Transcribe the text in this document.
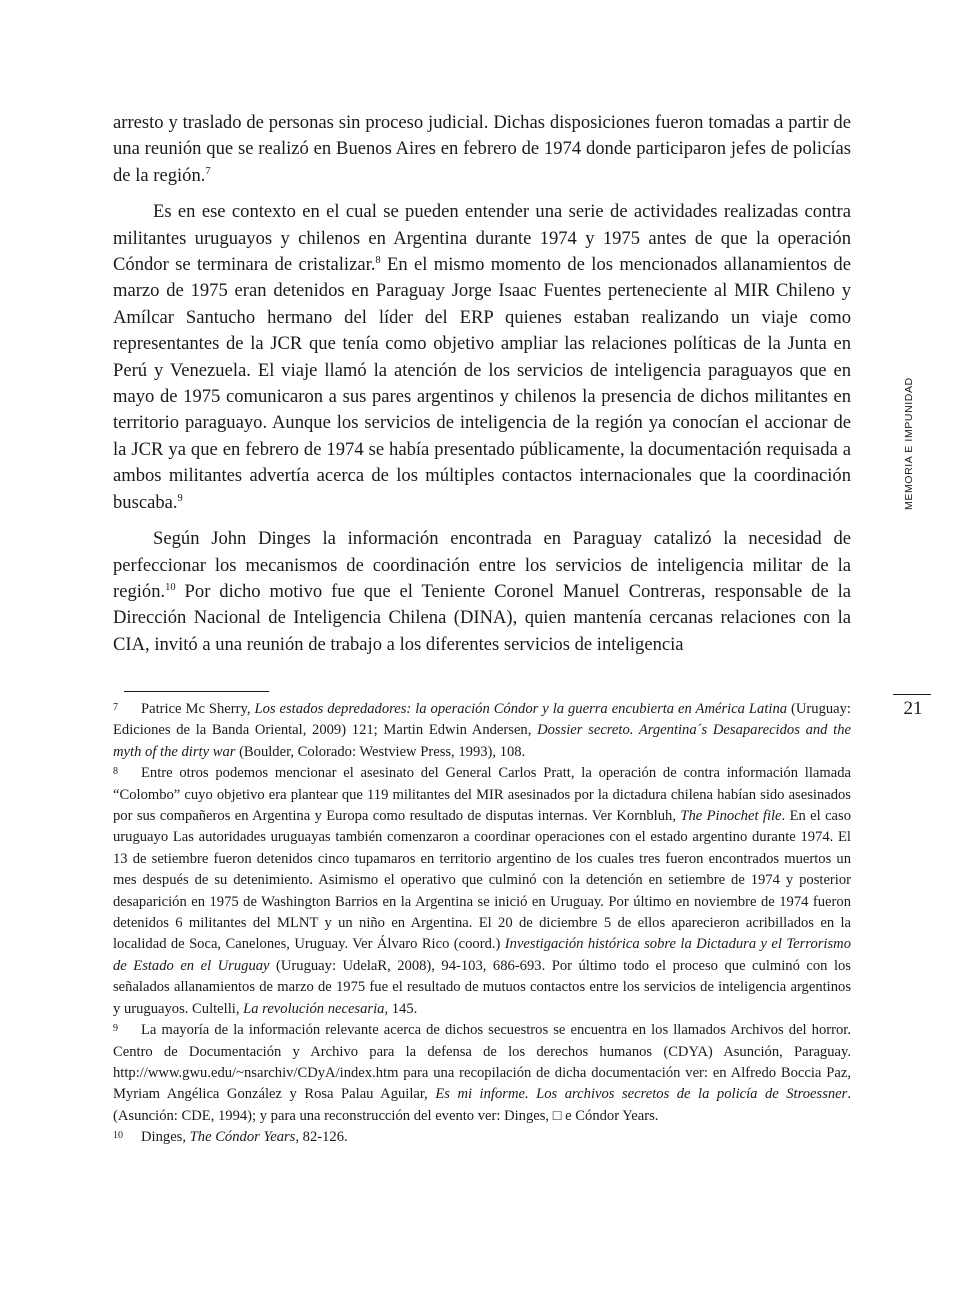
arresto y traslado de personas sin proceso judicial. Dichas disposiciones fueron tomadas a partir de una reunión que se realizó en Buenos Aires en febrero de 1974 donde participaron jefes de policías de la región.$^7$

Es en ese contexto en el cual se pueden entender una serie de actividades realizadas contra militantes uruguayos y chilenos en Argentina durante 1974 y 1975 antes de que la operación Cóndor se terminara de cristalizar.$^8$ En el mismo momento de los mencionados allanamientos de marzo de 1975 eran detenidos en Paraguay Jorge Isaac Fuentes perteneciente al MIR Chileno y Amílcar Santucho hermano del líder del ERP quienes estaban realizando un viaje como representantes de la JCR que tenía como objetivo ampliar las relaciones políticas de la Junta en Perú y Venezuela. El viaje llamó la atención de los servicios de inteligencia paraguayos que en mayo de 1975 comunicaron a sus pares argentinos y chilenos la presencia de dichos militantes en territorio paraguayo. Aunque los servicios de inteligencia de la región ya conocían el accionar de la JCR ya que en febrero de 1974 se había presentado públicamente, la documentación requisada a ambos militantes advertía acerca de los múltiples contactos internacionales que la coordinación buscaba.$^9$

Según John Dinges la información encontrada en Paraguay catalizó la necesidad de perfeccionar los mecanismos de coordinación entre los servicios de inteligencia militar de la región.$^{10}$ Por dicho motivo fue que el Teniente Coronel Manuel Contreras, responsable de la Dirección Nacional de Inteligencia Chilena (DINA), quien mantenía cercanas relaciones con la CIA, invitó a una reunión de trabajo a los diferentes servicios de inteligencia

7 Patrice Mc Sherry, Los estados depredadores: la operación Cóndor y la guerra encubierta en América Latina (Uruguay: Ediciones de la Banda Oriental, 2009) 121; Martin Edwin Andersen, Dossier secreto. Argentina´s Desaparecidos and the myth of the dirty war (Boulder, Colorado: Westview Press, 1993), 108.

8 Entre otros podemos mencionar el asesinato del General Carlos Pratt, la operación de contra información llamada “Colombo” cuyo objetivo era plantear que 119 militantes del MIR asesinados por la dictadura chilena habían sido asesinados por sus compañeros en Argentina y Europa como resultado de disputas internas. Ver Kornbluh, The Pinochet file. En el caso uruguayo Las autoridades uruguayas también comenzaron a coordinar operaciones con el estado argentino durante 1974. El 13 de setiembre fueron detenidos cinco tupamaros en territorio argentino de los cuales tres fueron encontrados muertos un mes después de su detenimiento. Asimismo el operativo que culminó con la detención en setiembre de 1974 y posterior desaparición en 1975 de Washington Barrios en la Argentina se inició en Uruguay. Por último en noviembre de 1974 fueron detenidos 6 militantes del MLNT y un niño en Argentina. El 20 de diciembre 5 de ellos aparecieron acribillados en la localidad de Soca, Canelones, Uruguay. Ver Álvaro Rico (coord.) Investigación histórica sobre la Dictadura y el Terrorismo de Estado en el Uruguay (Uruguay: UdelaR, 2008), 94-103, 686-693. Por último todo el proceso que culminó con los señalados allanamientos de marzo de 1975 fue el resultado de mutuos contactos entre los servicios de inteligencia argentinos y uruguayos. Cultelli, La revolución necesaria, 145.

9 La mayoría de la información relevante acerca de dichos secuestros se encuentra en los llamados Archivos del horror. Centro de Documentación y Archivo para la defensa de los derechos humanos (CDYA) Asunción, Paraguay. http://www.gwu.edu/~nsarchiv/CDyA/index.htm para una recopilación de dicha documentación ver: en Alfredo Boccia Paz, Myriam Angélica González y Rosa Palau Aguilar, Es mi informe. Los archivos secretos de la policía de Stroessner. (Asunción: CDE, 1994); y para una reconstrucción del evento ver: Dinges, □ e Cóndor Years.

10 Dinges, The Cóndor Years, 82-126.

MEMORIA E IMPUNIDAD
21
